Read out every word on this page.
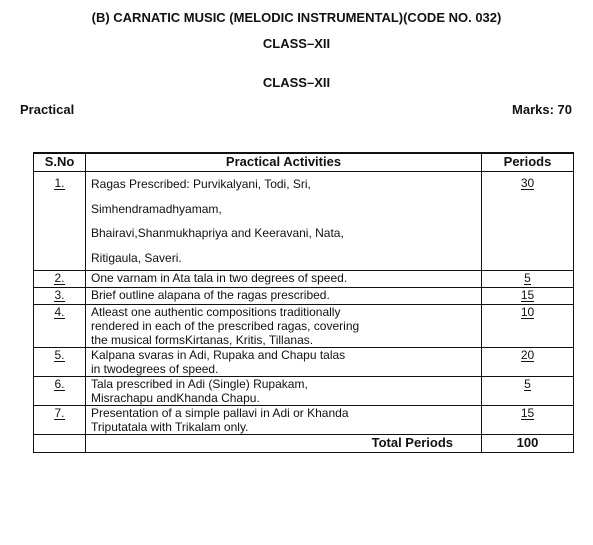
(B) CARNATIC MUSIC (MELODIC INSTRUMENTAL)(CODE NO. 032)
CLASS–XII
CLASS–XII
Practical	Marks: 70
S.No	Practical Activities	Periods
1.	Ragas Prescribed: Purvikalyani, Todi, Sri,
Simhendramadhyamam,
Bhairavi,Shanmukhapriya and Keeravani, Nata,
Ritigaula, Saveri.	30
2.	One varnam in Ata tala in two degrees of speed.	5
3.	Brief outline alapana of the ragas prescribed.	15
4.	Atleast one authentic compositions traditionally
rendered in each of the prescribed ragas, covering
the musical formsKirtanas, Kritis, Tillanas.	10
5.	Kalpana svaras in Adi, Rupaka and Chapu talas
in twodegrees of speed.	20
6.	Tala prescribed in Adi (Single) Rupakam,
Misrachapu andKhanda Chapu.	5
7.	Presentation of a simple pallavi in Adi or Khanda
Triputatala with Trikalam only.	15
	Total Periods	100
